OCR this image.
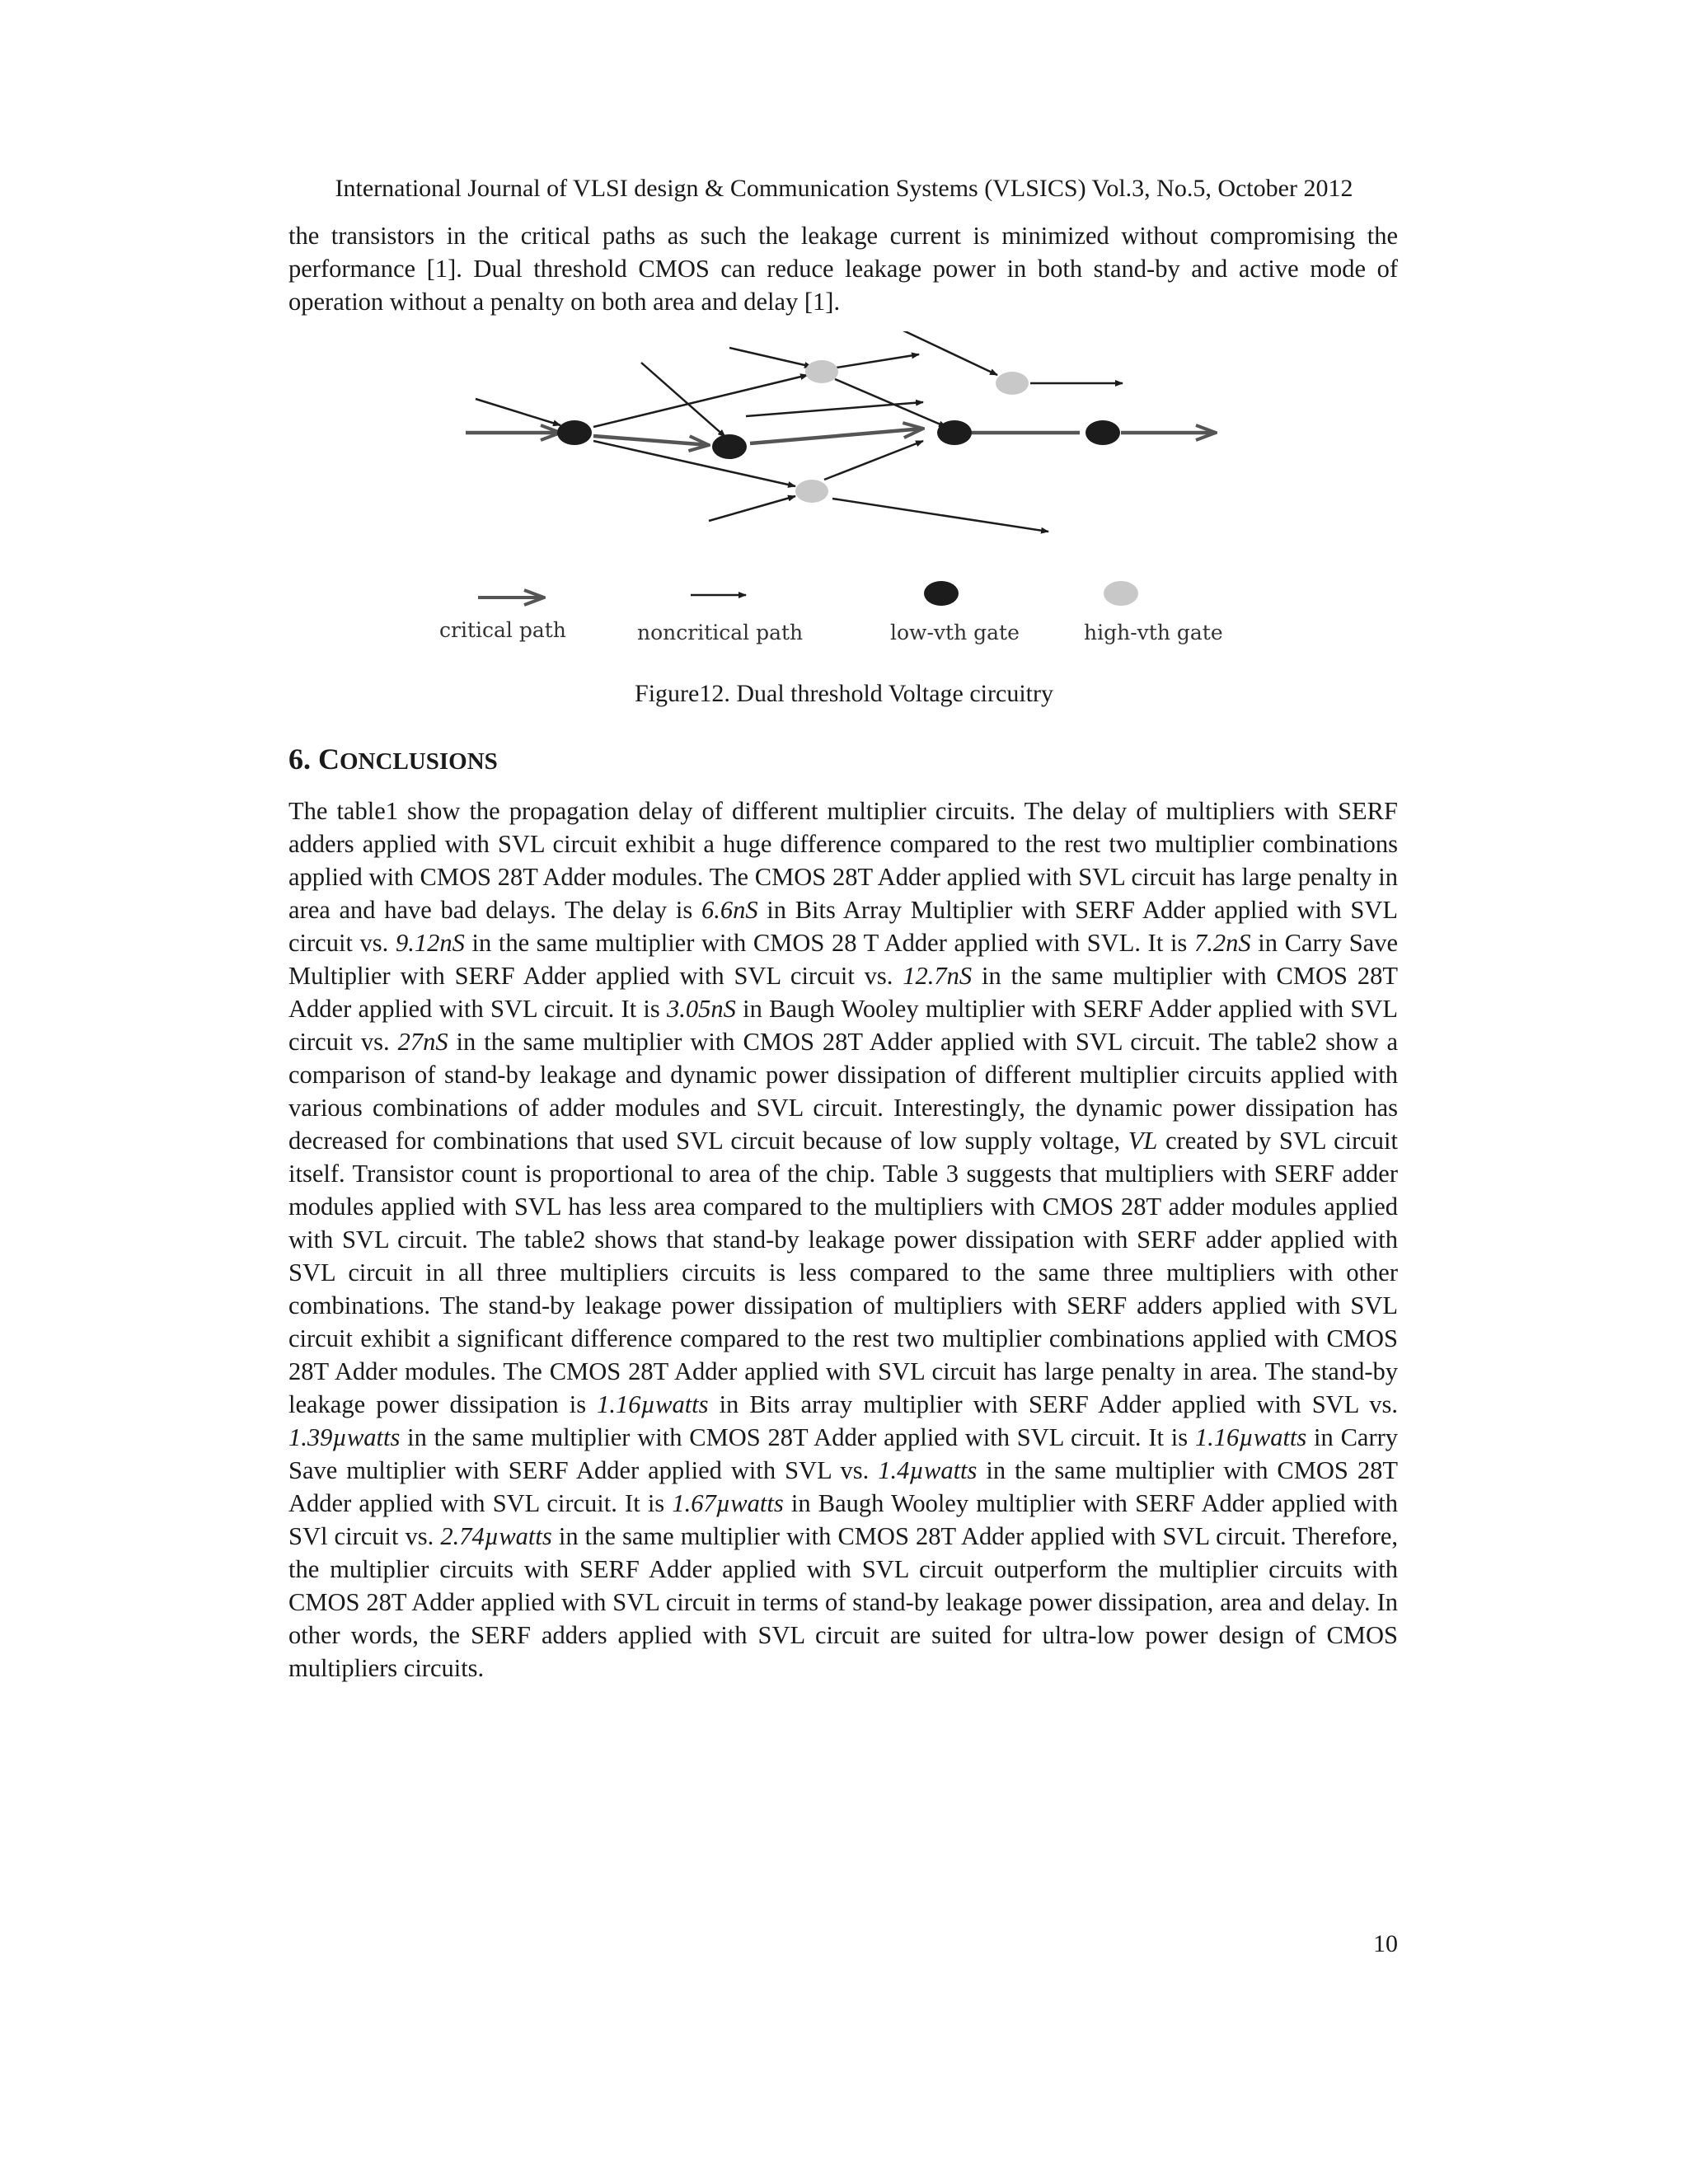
International Journal of VLSI design & Communication Systems (VLSICS) Vol.3, No.5, October 2012
the transistors in the critical paths as such the leakage current is minimized without compromising the performance [1]. Dual threshold CMOS can reduce leakage power in both stand-by and active mode of operation without a penalty on both area and delay [1].
critical path	noncritical path	low-vth gate	high-vth gate
Figure12. Dual threshold Voltage circuitry
6. CONCLUSIONS
The table1 show the propagation delay of different multiplier circuits. The delay of multipliers with SERF adders applied with SVL circuit exhibit a huge difference compared to the rest two multiplier combinations applied with CMOS 28T Adder modules. The CMOS 28T Adder applied with SVL circuit has large penalty in area and have bad delays. The delay is 6.6nS in Bits Array Multiplier with SERF Adder applied with SVL circuit vs. 9.12nS in the same multiplier with CMOS 28 T Adder applied with SVL. It is 7.2nS in Carry Save Multiplier with SERF Adder applied with SVL circuit vs. 12.7nS in the same multiplier with CMOS 28T Adder applied with SVL circuit. It is 3.05nS in Baugh Wooley multiplier with SERF Adder applied with SVL circuit vs. 27nS in the same multiplier with CMOS 28T Adder applied with SVL circuit. The table2 show a comparison of stand-by leakage and dynamic power dissipation of different multiplier circuits applied with various combinations of adder modules and SVL circuit. Interestingly, the dynamic power dissipation has decreased for combinations that used SVL circuit because of low supply voltage, VL created by SVL circuit itself. Transistor count is proportional to area of the chip. Table 3 suggests that multipliers with SERF adder modules applied with SVL has less area compared to the multipliers with CMOS 28T adder modules applied with SVL circuit. The table2 shows that stand-by leakage power dissipation with SERF adder applied with SVL circuit in all three multipliers circuits is less compared to the same three multipliers with other combinations. The stand-by leakage power dissipation of multipliers with SERF adders applied with SVL circuit exhibit a significant difference compared to the rest two multiplier combinations applied with CMOS 28T Adder modules. The CMOS 28T Adder applied with SVL circuit has large penalty in area. The stand-by leakage power dissipation is 1.16µwatts in Bits array multiplier with SERF Adder applied with SVL vs. 1.39µwatts in the same multiplier with CMOS 28T Adder applied with SVL circuit. It is 1.16µwatts in Carry Save multiplier with SERF Adder applied with SVL vs. 1.4µwatts in the same multiplier with CMOS 28T Adder applied with SVL circuit. It is 1.67µwatts in Baugh Wooley multiplier with SERF Adder applied with SVl circuit vs. 2.74µwatts in the same multiplier with CMOS 28T Adder applied with SVL circuit. Therefore, the multiplier circuits with SERF Adder applied with SVL circuit outperform the multiplier circuits with CMOS 28T Adder applied with SVL circuit in terms of stand-by leakage power dissipation, area and delay. In other words, the SERF adders applied with SVL circuit are suited for ultra-low power design of CMOS multipliers circuits.
10
